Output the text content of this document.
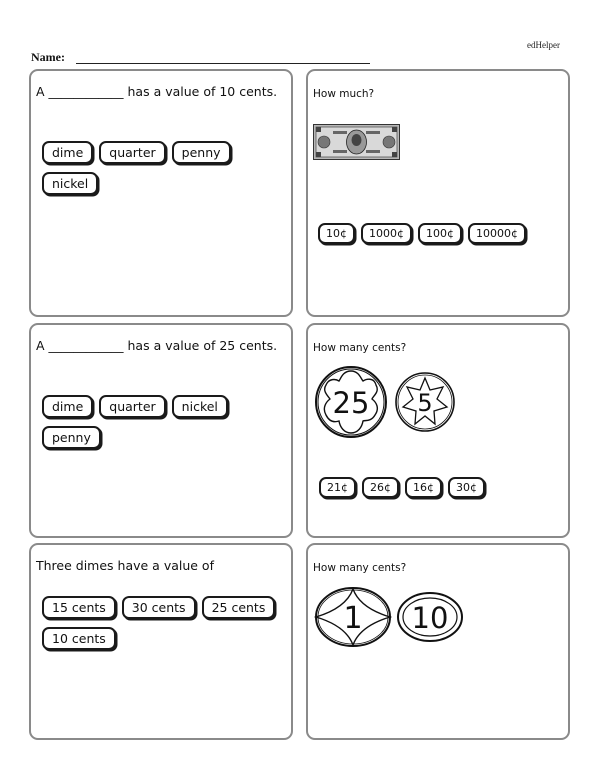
edHelper
Name:
A ____________ has a value of 10 cents.
dime	quarter	penny
nickel
How much?
10¢	1000¢	100¢	10000¢
A ____________ has a value of 25 cents.
dime	quarter	nickel
penny
How many cents?
25 5
21¢	26¢	16¢	30¢
Three dimes have a value of
15 cents	30 cents	25 cents
10 cents
How many cents?
1 10
